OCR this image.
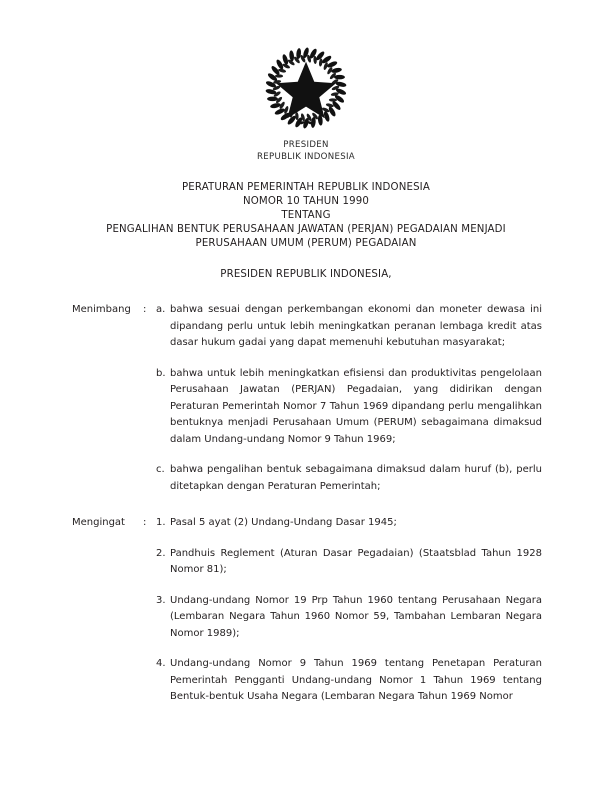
PRESIDEN
REPUBLIK INDONESIA
PERATURAN PEMERINTAH REPUBLIK INDONESIA
NOMOR 10 TAHUN 1990
TENTANG
PENGALIHAN BENTUK PERUSAHAAN JAWATAN (PERJAN) PEGADAIAN MENJADI
PERUSAHAAN UMUM (PERUM) PEGADAIAN
PRESIDEN REPUBLIK INDONESIA,
Menimbang	: a. bahwa sesuai dengan perkembangan ekonomi dan moneter dewasa ini dipandang perlu untuk lebih meningkatkan peranan lembaga kredit atas dasar hukum gadai yang dapat memenuhi kebutuhan masyarakat;
b. bahwa untuk lebih meningkatkan efisiensi dan produktivitas pengelolaan Perusahaan Jawatan (PERJAN) Pegadaian, yang didirikan dengan Peraturan Pemerintah Nomor 7 Tahun 1969 dipandang perlu mengalihkan bentuknya menjadi Perusahaan Umum (PERUM) sebagaimana dimaksud dalam Undang-undang Nomor 9 Tahun 1969;
c. bahwa pengalihan bentuk sebagaimana dimaksud dalam huruf (b), perlu ditetapkan dengan Peraturan Pemerintah;
Mengingat	: 1. Pasal 5 ayat (2) Undang-Undang Dasar 1945;
2. Pandhuis Reglement (Aturan Dasar Pegadaian) (Staatsblad Tahun 1928 Nomor 81);
3. Undang-undang Nomor 19 Prp Tahun 1960 tentang Perusahaan Negara (Lembaran Negara Tahun 1960 Nomor 59, Tambahan Lembaran Negara Nomor 1989);
4. Undang-undang Nomor 9 Tahun 1969 tentang Penetapan Peraturan Pemerintah Pengganti Undang-undang Nomor 1 Tahun 1969 tentang Bentuk-bentuk Usaha Negara (Lembaran Negara Tahun 1969 Nomor
